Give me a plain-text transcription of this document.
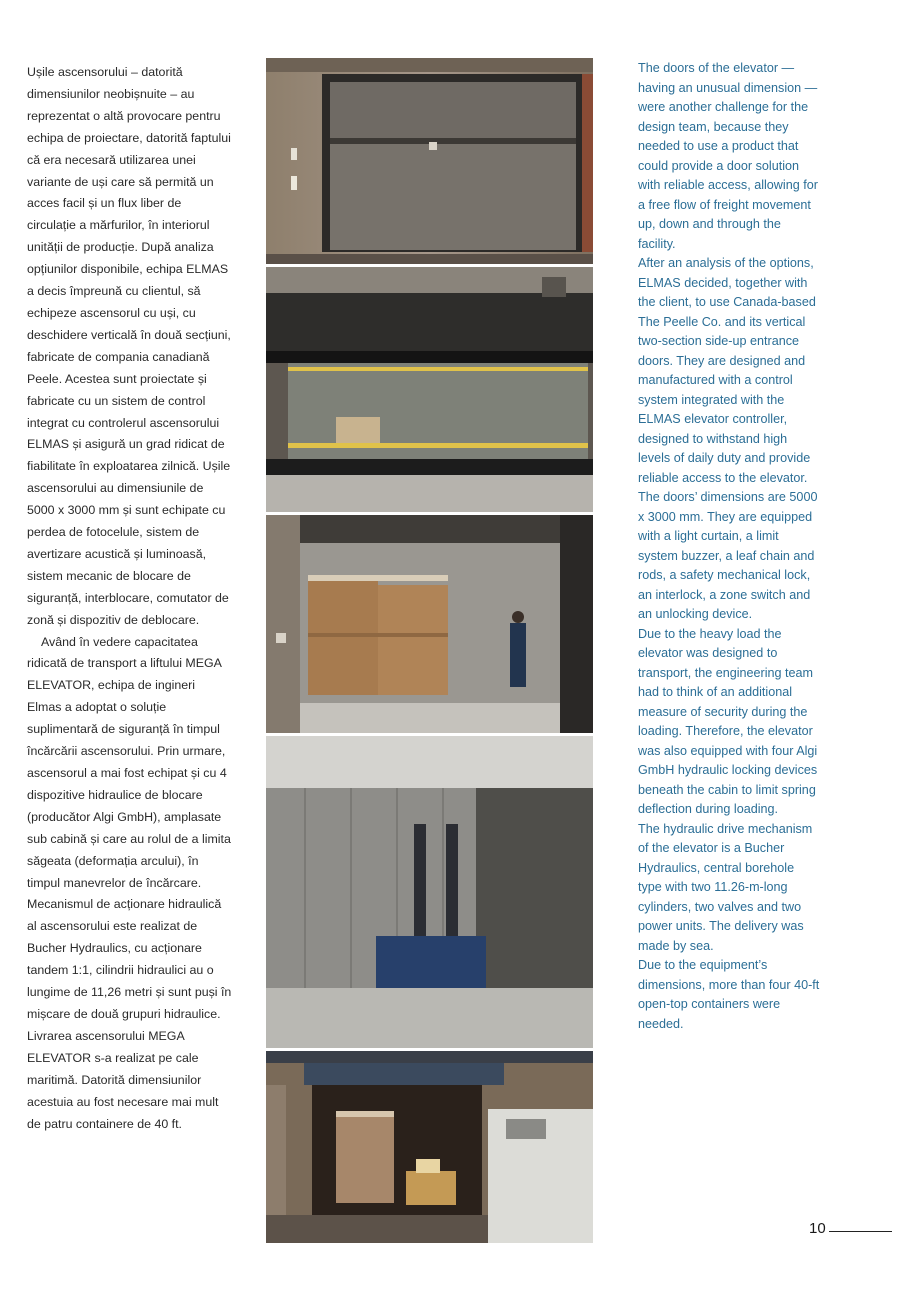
Ușile ascensorului – datorită dimensiunilor neobișnuite – au reprezentat o altă provocare pentru echipa de proiectare, datorită faptului că era necesară utilizarea unei variante de uși care să permită un acces facil și un flux liber de circulație a mărfurilor, în interiorul unității de producție. După analiza opțiunilor disponibile, echipa ELMAS a decis împreună cu clientul, să echipeze ascensorul cu uși, cu deschidere verticală în două secțiuni, fabricate de compania canadiană Peele. Acestea sunt proiectate și fabricate cu un sistem de control integrat cu controlerul ascensorului ELMAS și asigură un grad ridicat de fiabilitate în exploatarea zilnică. Ușile ascensorului au dimensiunile de 5000 x 3000 mm și sunt echipate cu perdea de fotocelule, sistem de avertizare acustică și luminoasă, sistem mecanic de blocare de siguranță, interblocare, comutator de zonă și dispozitiv de deblocare.

Având în vedere capacitatea ridicată de transport a liftului MEGA ELEVATOR, echipa de ingineri Elmas a adoptat o soluție suplimentară de siguranță în timpul încărcării ascensorului. Prin urmare, ascensorul a mai fost echipat și cu 4 dispozitive hidraulice de blocare (producător Algi GmbH), amplasate sub cabină și care au rolul de a limita săgeata (deformația arcului), în timpul manevrelor de încărcare. Mecanismul de acționare hidraulică al ascensorului este realizat de Bucher Hydraulics, cu acționare tandem 1:1, cilindrii hidraulici au o lungime de 11,26 metri și sunt puși în mișcare de două grupuri hidraulice. Livrarea ascensorului MEGA ELEVATOR s-a realizat pe cale maritimă. Datorită dimensiunilor acestuia au fost necesare mai mult de patru containere de 40 ft.

The doors of the elevator — having an unusual dimension — were another challenge for the design team, because they needed to use a product that could provide a door solution with reliable access, allowing for a free flow of freight movement up, down and through the facility.

After an analysis of the options, ELMAS decided, together with the client, to use Canada-based The Peelle Co. and its vertical two-section side-up entrance doors. They are designed and manufactured with a control system integrated with the ELMAS elevator controller, designed to withstand high levels of daily duty and provide reliable access to the elevator. The doors’ dimensions are 5000 x 3000 mm. They are equipped with a light curtain, a limit system buzzer, a leaf chain and rods, a safety mechanical lock, an interlock, a zone switch and an unlocking device.

Due to the heavy load the elevator was designed to transport, the engineering team had to think of an additional measure of security during the loading. Therefore, the elevator was also equipped with four Algi GmbH hydraulic locking devices beneath the cabin to limit spring deflection during loading.

The hydraulic drive mechanism of the elevator is a Bucher Hydraulics, central borehole type with two 11.26-m-long cylinders, two valves and two power units. The delivery was made by sea.

Due to the equipment’s dimensions, more than four 40-ft open-top containers were needed.

10
